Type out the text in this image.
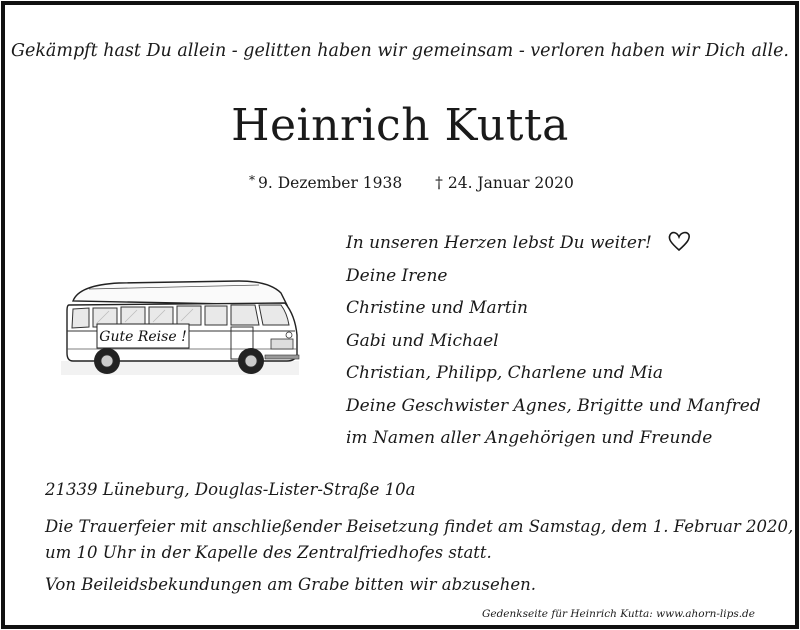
Gekämpft hast Du allein - gelitten haben wir gemeinsam - verloren haben wir Dich alle.
Heinrich Kutta
* 9. Dezember 1938 † 24. Januar 2020
In unseren Herzen lebst Du weiter!
Deine Irene
Christine und Martin
Gabi und Michael
Christian, Philipp, Charlene und Mia
Deine Geschwister Agnes, Brigitte und Manfred
im Namen aller Angehörigen und Freunde
Gute Reise !
21339 Lüneburg, Douglas-Lister-Straße 10a
Die Trauerfeier mit anschließender Beisetzung findet am Samstag, dem 1. Februar 2020,
um 10 Uhr in der Kapelle des Zentralfriedhofes statt.
Von Beileidsbekundungen am Grabe bitten wir abzusehen.
Gedenkseite für Heinrich Kutta: www.ahorn-lips.de
